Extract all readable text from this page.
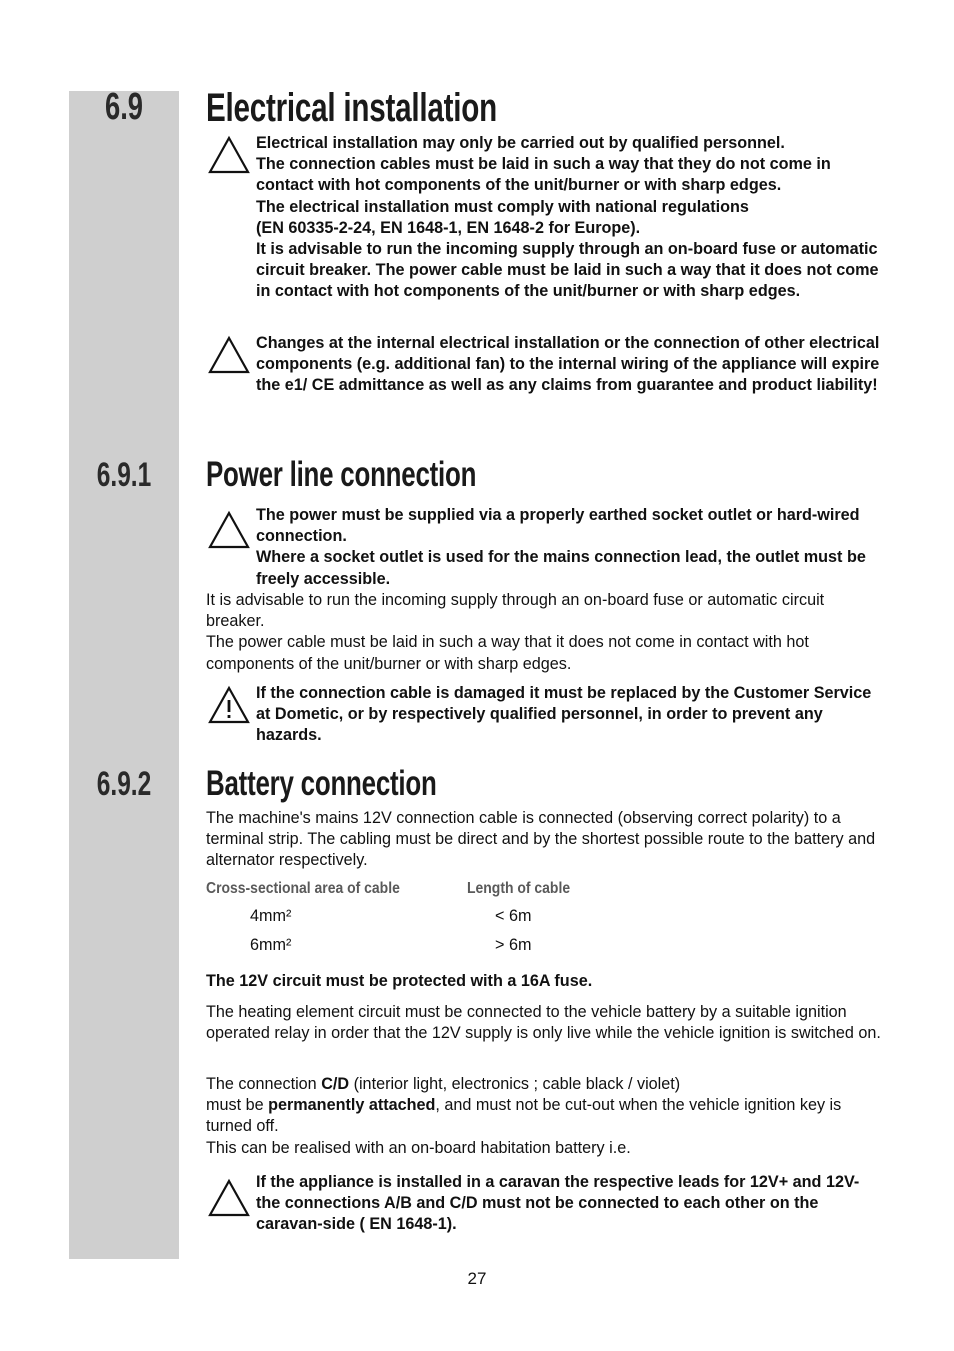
6.9	Electrical installation

Electrical installation may only be carried out by qualified personnel.

The connection cables must be laid in such a way that they do not come in contact with hot components of the unit/burner or with sharp edges.

The electrical installation must comply with national regulations

(EN 60335-2-24, EN 1648-1, EN 1648-2 for Europe).

It is advisable to run the incoming supply through an on-board fuse or automatic circuit breaker. The power cable must be laid in such a way that it does not come in contact with hot components of the unit/burner or with sharp edges.

Changes at the internal electrical installation or the connection of other electrical components (e.g. additional fan) to the internal wiring of the appliance will expire the e1/ CE admittance as well as any claims from guarantee and product liability!

6.9.1	Power line connection

The power must be supplied via a properly earthed socket outlet or hard-wired connection.

Where a socket outlet is used for the mains connection lead, the outlet must be freely accessible.

It is advisable to run the incoming supply through an on-board fuse or automatic circuit breaker.

The power cable must be laid in such a way that it does not come in contact with hot components of the unit/burner or with sharp edges.

If the connection cable is damaged it must be replaced by the Customer Service at Dometic, or by respectively qualified personnel, in order to prevent any hazards.

6.9.2	Battery connection

The machine's mains 12V connection cable is connected (observing correct polarity) to a terminal strip. The cabling must be direct and by the shortest possible route to the battery and alternator respectively.

Cross-sectional area of cable	Length of cable
4mm²	< 6m
6mm²	> 6m
The 12V circuit must be protected with a 16A fuse.

The heating element circuit must be connected to the vehicle battery by a suitable ignition operated relay in order that the 12V supply is only live while the vehicle ignition is switched on.

The connection C/D (interior light, electronics ; cable black / violet)

must be permanently attached, and must not be cut-out when the vehicle ignition key is turned off.

This can be realised with an on-board habitation battery i.e.

If the appliance is installed in a caravan the respective leads for 12V+ and 12V- the connections A/B and C/D must not be connected to each other on the caravan-side ( EN 1648-1).

27
